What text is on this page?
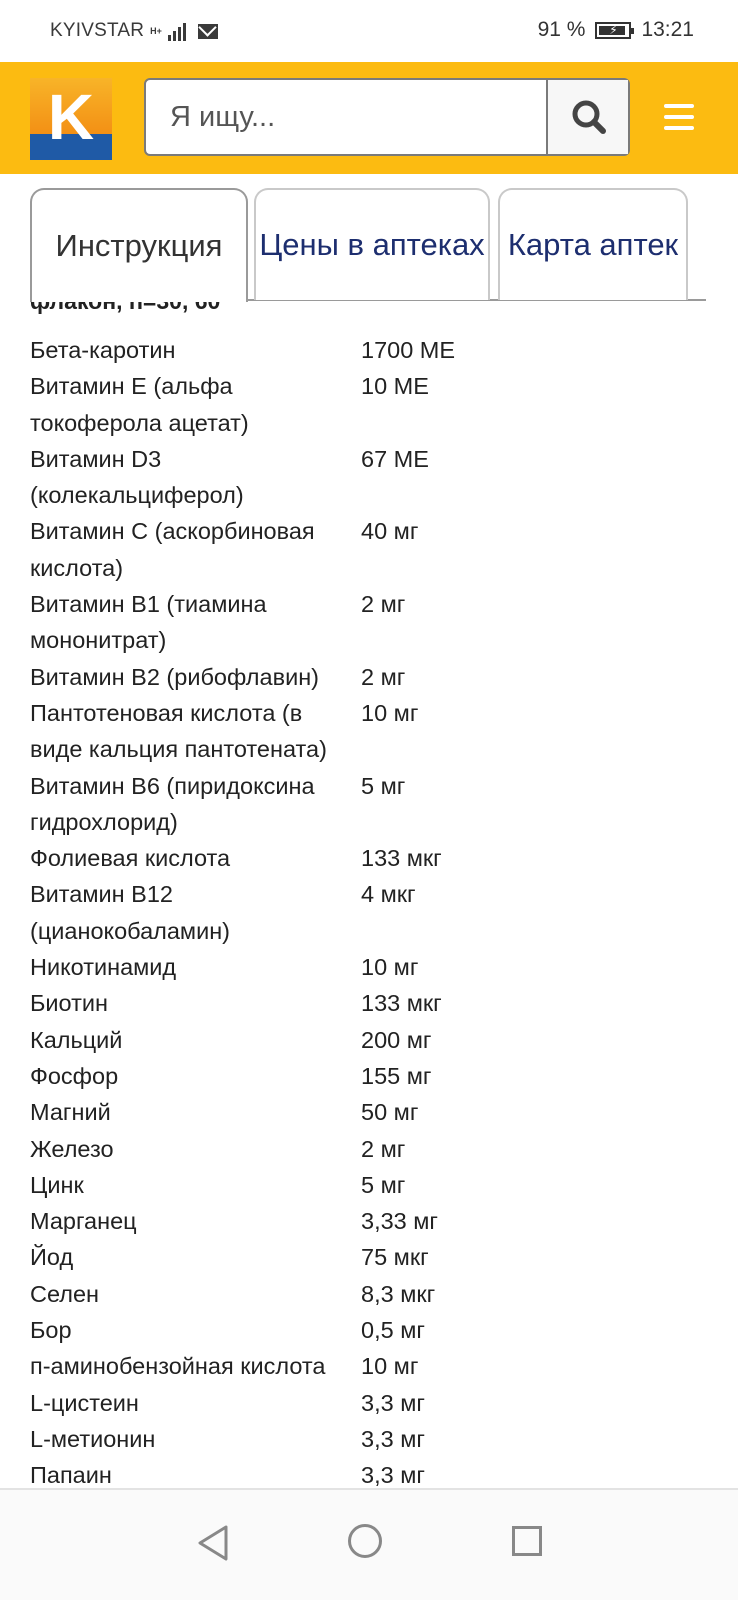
KYIVSTAR H+	91 % ⚡ 13:21
K
Я ищу...
Инструкция Цены в аптеках Карта аптек
Бета-каротин	1700 МЕ
Витамин Е (альфа токоферола ацетат)	10 МЕ
Витамин D3 (колекальциферол)	67 МЕ
Витамин С (аскорбиновая кислота)	40 мг
Витамин В1 (тиамина мононитрат)	2 мг
Витамин В2 (рибофлавин)	2 мг
Пантотеновая кислота (в виде кальция пантотената)	10 мг
Витамин В6 (пиридоксина гидрохлорид)	5 мг
Фолиевая кислота	133 мкг
Витамин В12 (цианокобаламин)	4 мкг
Никотинамид	10 мг
Биотин	133 мкг
Кальций	200 мг
Фосфор	155 мг
Магний	50 мг
Железо	2 мг
Цинк	5 мг
Марганец	3,33 мг
Йод	75 мкг
Селен	8,3 мкг
Бор	0,5 мг
п-аминобензойная кислота	10 мг
L-цистеин	3,3 мг
L-метионин	3,3 мг
Папаин	3,3 мг
